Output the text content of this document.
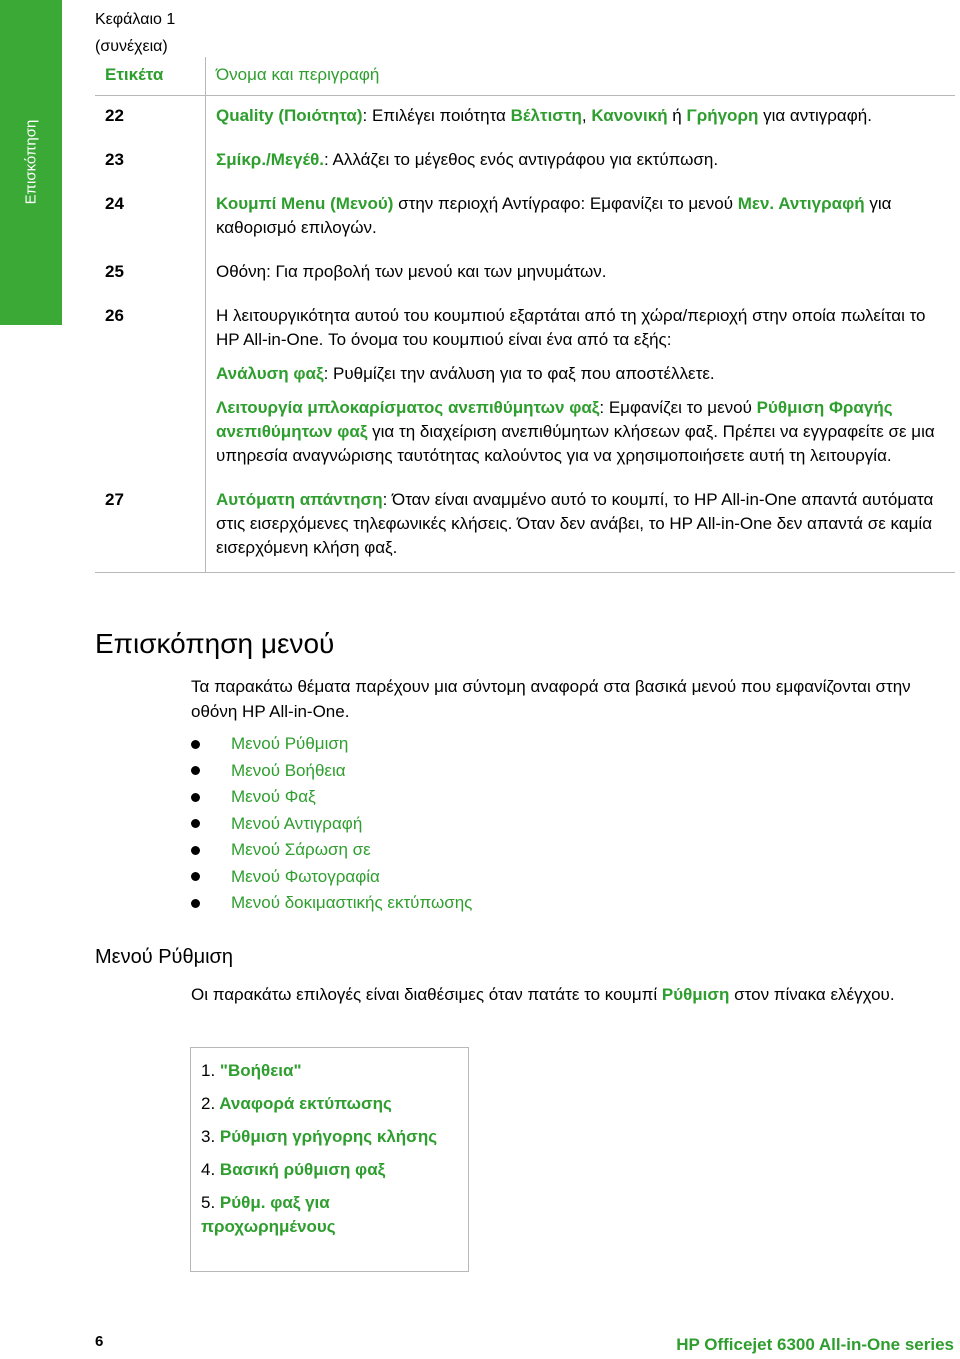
Επισκόπηση
Κεφάλαιο 1
(συνέχεια)
Ετικέτα	Όνομα και περιγραφή
22	Quality (Ποιότητα): Επιλέγει ποιότητα Βέλτιστη, Κανονική ή Γρήγορη για αντιγραφή.
23	Σμίκρ./Μεγέθ.: Αλλάζει το μέγεθος ενός αντιγράφου για εκτύπωση.
24	Κουμπί Menu (Μενού) στην περιοχή Αντίγραφο: Εμφανίζει το μενού Μεν. Αντιγραφή για καθορισμό επιλογών.
25	Οθόνη: Για προβολή των μενού και των μηνυμάτων.
26	Η λειτουργικότητα αυτού του κουμπιού εξαρτάται από τη χώρα/περιοχή στην οποία πωλείται το HP All-in-One. Το όνομα του κουμπιού είναι ένα από τα εξής:
Ανάλυση φαξ: Ρυθμίζει την ανάλυση για το φαξ που αποστέλλετε.
Λειτουργία μπλοκαρίσματος ανεπιθύμητων φαξ: Εμφανίζει το μενού Ρύθμιση Φραγής ανεπιθύμητων φαξ για τη διαχείριση ανεπιθύμητων κλήσεων φαξ. Πρέπει να εγγραφείτε σε μια υπηρεσία αναγνώρισης ταυτότητας καλούντος για να χρησιμοποιήσετε αυτή τη λειτουργία.

27	Αυτόματη απάντηση: Όταν είναι αναμμένο αυτό το κουμπί, το HP All-in-One απαντά αυτόματα στις εισερχόμενες τηλεφωνικές κλήσεις. Όταν δεν ανάβει, το HP All-in-One δεν απαντά σε καμία εισερχόμενη κλήση φαξ.
Επισκόπηση μενού

Τα παρακάτω θέματα παρέχουν μια σύντομη αναφορά στα βασικά μενού που εμφανίζονται στην οθόνη HP All-in-One.

Μενού Ρύθμιση
Μενού Βοήθεια
Μενού Φαξ
Μενού Αντιγραφή
Μενού Σάρωση σε
Μενού Φωτογραφία
Μενού δοκιμαστικής εκτύπωσης
Μενού Ρύθμιση

Οι παρακάτω επιλογές είναι διαθέσιμες όταν πατάτε το κουμπί Ρύθμιση στον πίνακα ελέγχου.

1. "Βοήθεια"
2. Αναφορά εκτύπωσης
3. Ρύθμιση γρήγορης κλήσης
4. Βασική ρύθμιση φαξ
5. Ρύθμ. φαξ για προχωρημένους
6	HP Officejet 6300 All-in-One series
